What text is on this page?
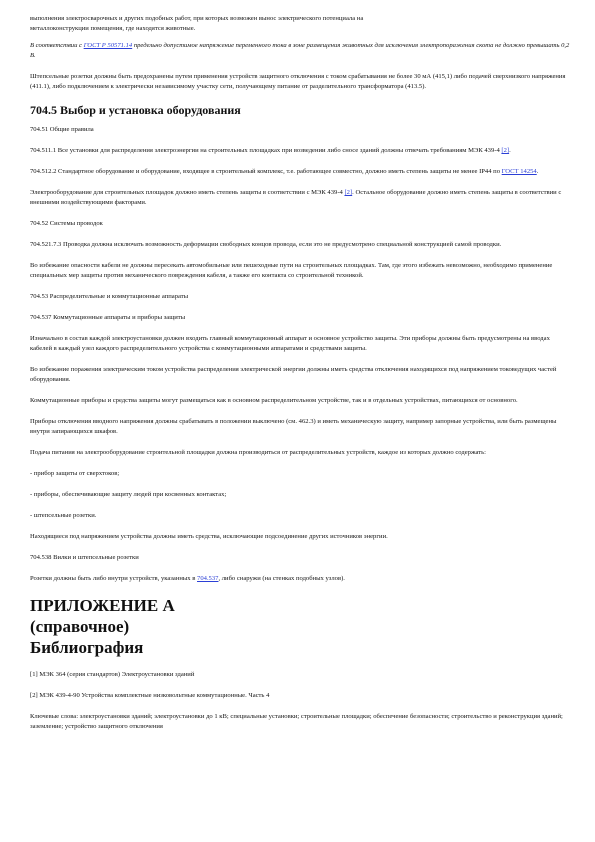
выполнения электросварочных и других подобных работ, при которых возможен вынос электрического потенциала на
металлоконструкции помещения, где находятся животные.

В соответствии с ГОСТ Р 50571.14 предельно допустимое напряжение переменного тока в зоне размещения животных для исключения электропоражения скота не должно превышать 0,2 В.

Штепсельные розетки должны быть предохранены путем применения устройств защитного отключения с током срабатывания не более 30 мА (415,1) либо подачей сверхнизкого напряжения (411.1), либо подключением к электрически независимому участку сети, получающему питание от разделительного трансформатора (413.5).

704.5 Выбор и установка оборудования

704.51 Общие правила

704.511.1 Все установки для распределения электроэнергии на строительных площадках при возведении либо сносе зданий должны отвечать требованиям МЭК 439-4 [2].

704.512.2 Стандартное оборудование и оборудование, входящее в строительный комплекс, т.е. работающее совместно, должно иметь степень защиты не менее IP44 по ГОСТ 14254.

Электрооборудование для строительных площадок должно иметь степень защиты в соответствии с МЭК 439-4 [2]. Остальное оборудование должно иметь степень защиты в соответствии с внешними воздействующими факторами.

704.52 Системы проводок

704.521.7.3 Проводка должна исключать возможность деформации свободных концов провода, если это не предусмотрено специальной конструкцией самой проводки.

Во избежание опасности кабели не должны пересекать автомобильные или пешеходные пути на строительных площадках. Там, где этого избежать невозможно, необходимо применение специальных мер защиты против механического повреждения кабеля, а также его контакта со строительной техникой.

704.53 Распределительные и коммутационные аппараты

704.537 Коммутационные аппараты и приборы защиты

Изначально в состав каждой электроустановки должен входить главный коммутационный аппарат и основное устройство защиты. Эти приборы должны быть предусмотрены на вводах кабелей в каждый узел каждого распределительного устройства с коммутационными аппаратами и средствами защиты.

Во избежание поражения электрическим током устройства распределения электрической энергии должны иметь средства отключения находящихся под напряжением токоведущих частей оборудования.

Коммутационные приборы и средства защиты могут размещаться как в основном распределительном устройстве, так и в отдельных устройствах, питающихся от основного.

Приборы отключения вводного напряжения должны срабатывать в положении выключено (см. 462.3) и иметь механическую защиту, например запорные устройства, или быть размещены внутри запирающихся шкафов.

Подача питания на электрооборудование строительной площадки должна производиться от распределительных устройств, каждое из которых должно содержать:

- прибор защиты от сверхтоков;

- приборы, обеспечивающие защиту людей при косвенных контактах;

- штепсельные розетки.

Находящиеся под напряжением устройства должны иметь средства, исключающие подсоединение других источников энергии.

704.538 Вилки и штепсельные розетки

Розетки должны быть либо внутри устройств, указанных в 704.537, либо снаружи (на стенках подобных узлов).

ПРИЛОЖЕНИЕ А
(справочное)
Библиография

[1] МЭК 364 (серия стандартов) Электроустановки зданий

[2] МЭК 439-4-90 Устройства комплектные низковольтные коммутационные. Часть 4

Ключевые слова: электроустановки зданий; электроустановки до 1 кВ; специальные установки; строительные площадки; обеспечение безопасности; строительство и реконструкция зданий; заземление; устройство защитного отключения
